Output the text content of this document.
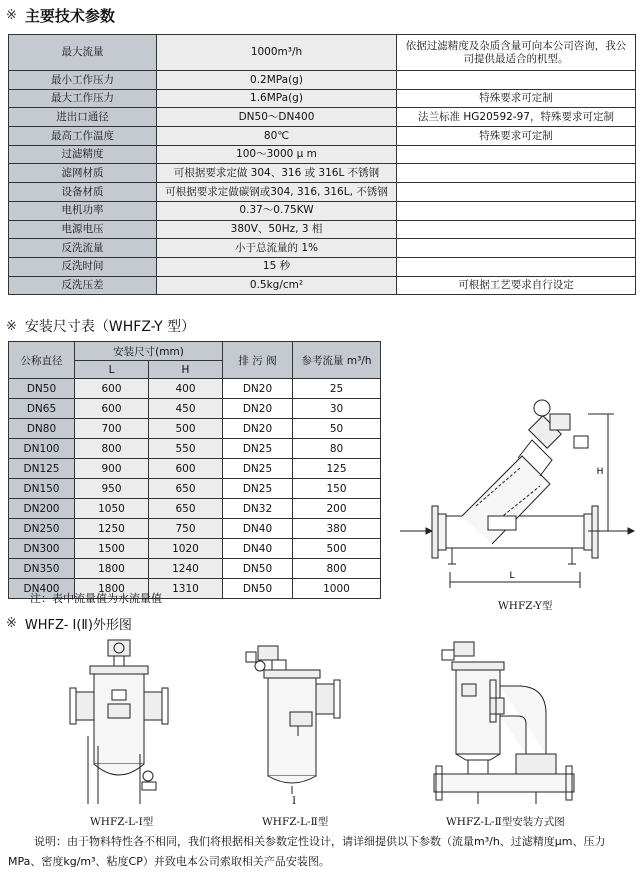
※ 主要技术参数
最大流量	1000m³/h	依据过滤精度及杂质含量可向本公司咨询，我公司提供最适合的机型。
最小工作压力	0.2MPa(g)	
最大工作压力	1.6MPa(g)	特殊要求可定制
进出口通径	DN50～DN400	法兰标准 HG20592-97，特殊要求可定制
最高工作温度	80℃	特殊要求可定制
过滤精度	100～3000 μ m	
滤网材质	可根据要求定做 304、316 或 316L 不锈钢	
设备材质	可根据要求定做碳钢或304, 316, 316L, 不锈钢	
电机功率	0.37～0.75KW	
电源电压	380V、50Hz, 3 相	
反洗流量	小于总流量的 1%	
反洗时间	15 秒	
反洗压差	0.5kg/cm²	可根据工艺要求自行设定
※ 安装尺寸表（WHFZ-Y 型）
公称直径	安装尺寸(mm)		排 污 阀	参考流量 m³/h
	L	H		
DN50	600	400	DN20	25
DN65	600	450	DN20	30
DN80	700	500	DN20	50
DN100	800	550	DN25	80
DN125	900	600	DN25	125
DN150	950	650	DN25	150
DN200	1050	650	DN32	200
DN250	1250	750	DN40	380
DN300	1500	1020	DN40	500
DN350	1800	1240	DN50	800
DN400	1800	1310	DN50	1000
注：表中流量值为水流量值
L
H
WHFZ-Y型
※ WHFZ- Ⅰ(Ⅱ)外形图
WHFZ-L-Ⅰ型
Ⅰ
WHFZ-L-Ⅱ型	WHFZ-L-Ⅱ型安装方式图
说明：由于物料特性各不相同，我们将根据相关参数定性设计，请详细提供以下参数（流量m³/h、过滤精度μm、压力 MPa、密度kg/m³、粘度CP）并致电本公司索取相关产品安装图。
